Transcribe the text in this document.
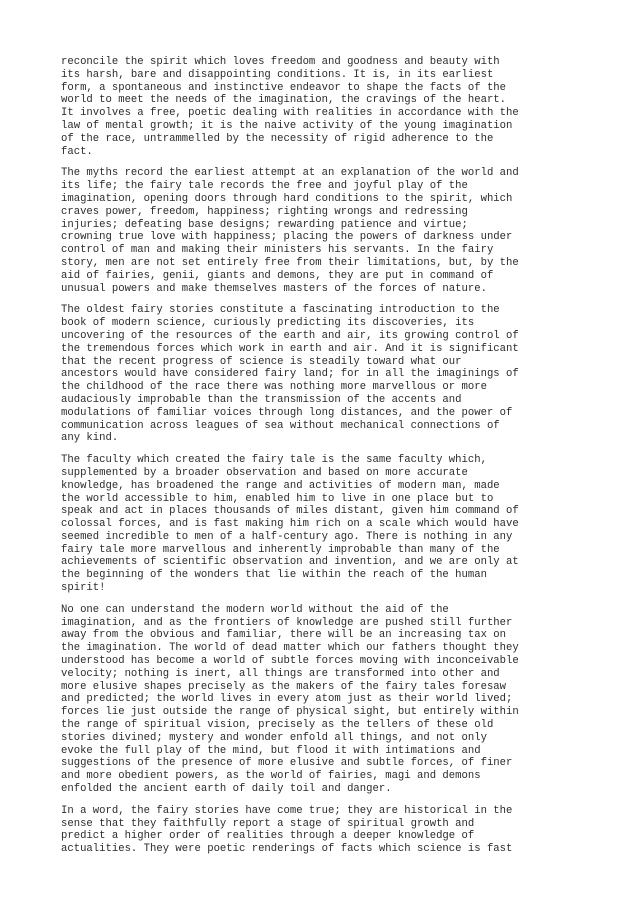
reconcile the spirit which loves freedom and goodness and beauty with
its harsh, bare and disappointing conditions. It is, in its earliest
form, a spontaneous and instinctive endeavor to shape the facts of the
world to meet the needs of the imagination, the cravings of the heart.
It involves a free, poetic dealing with realities in accordance with the
law of mental growth; it is the naive activity of the young imagination
of the race, untrammelled by the necessity of rigid adherence to the
fact.
The myths record the earliest attempt at an explanation of the world and
its life; the fairy tale records the free and joyful play of the
imagination, opening doors through hard conditions to the spirit, which
craves power, freedom, happiness; righting wrongs and redressing
injuries; defeating base designs; rewarding patience and virtue;
crowning true love with happiness; placing the powers of darkness under
control of man and making their ministers his servants. In the fairy
story, men are not set entirely free from their limitations, but, by the
aid of fairies, genii, giants and demons, they are put in command of
unusual powers and make themselves masters of the forces of nature.
The oldest fairy stories constitute a fascinating introduction to the
book of modern science, curiously predicting its discoveries, its
uncovering of the resources of the earth and air, its growing control of
the tremendous forces which work in earth and air. And it is significant
that the recent progress of science is steadily toward what our
ancestors would have considered fairy land; for in all the imaginings of
the childhood of the race there was nothing more marvellous or more
audaciously improbable than the transmission of the accents and
modulations of familiar voices through long distances, and the power of
communication across leagues of sea without mechanical connections of
any kind.
The faculty which created the fairy tale is the same faculty which,
supplemented by a broader observation and based on more accurate
knowledge, has broadened the range and activities of modern man, made
the world accessible to him, enabled him to live in one place but to
speak and act in places thousands of miles distant, given him command of
colossal forces, and is fast making him rich on a scale which would have
seemed incredible to men of a half-century ago. There is nothing in any
fairy tale more marvellous and inherently improbable than many of the
achievements of scientific observation and invention, and we are only at
the beginning of the wonders that lie within the reach of the human
spirit!
No one can understand the modern world without the aid of the
imagination, and as the frontiers of knowledge are pushed still further
away from the obvious and familiar, there will be an increasing tax on
the imagination. The world of dead matter which our fathers thought they
understood has become a world of subtle forces moving with inconceivable
velocity; nothing is inert, all things are transformed into other and
more elusive shapes precisely as the makers of the fairy tales foresaw
and predicted; the world lives in every atom just as their world lived;
forces lie just outside the range of physical sight, but entirely within
the range of spiritual vision, precisely as the tellers of these old
stories divined; mystery and wonder enfold all things, and not only
evoke the full play of the mind, but flood it with intimations and
suggestions of the presence of more elusive and subtle forces, of finer
and more obedient powers, as the world of fairies, magi and demons
enfolded the ancient earth of daily toil and danger.
In a word, the fairy stories have come true; they are historical in the
sense that they faithfully report a stage of spiritual growth and
predict a higher order of realities through a deeper knowledge of
actualities. They were poetic renderings of facts which science is fast
